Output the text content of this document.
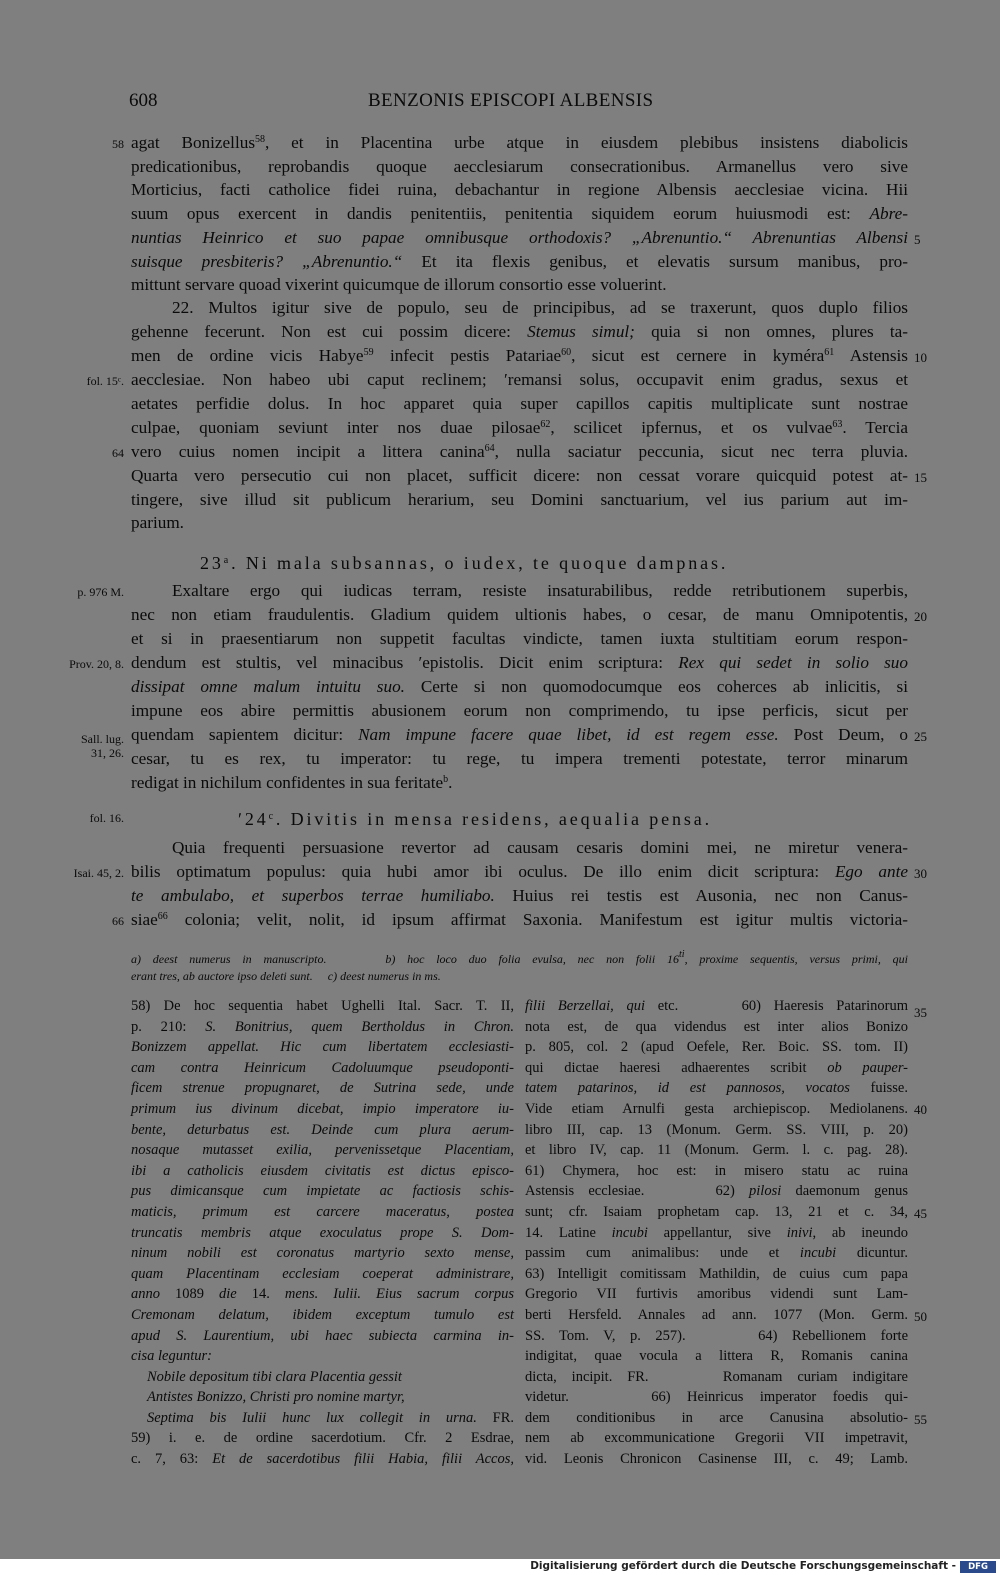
608	BENZONIS EPISCOPI ALBENSIS
agat Bonizellus$^{58}$, et in Placentina urbe atque in eiusdem plebibus insistens diabolicis
predicationibus, reprobandis quoque aecclesiarum consecrationibus. Armanellus vero sive
Morticius, facti catholice fidei ruina, debachantur in regione Albensis aecclesiae vicina. Hii
suum opus exercent in dandis penitentiis, penitentia siquidem eorum huiusmodi est: Abre-
nuntias Heinrico et suo papae omnibusque orthodoxis? „Abrenuntio.“ Abrenuntias Albensi
suisque presbiteris? „Abrenuntio.“ Et ita flexis genibus, et elevatis sursum manibus, pro-
mittunt servare quoad vixerint quicumque de illorum consortio esse voluerint.
22. Multos igitur sive de populo, seu de principibus, ad se traxerunt, quos duplo filios
gehenne fecerunt. Non est cui possim dicere: Stemus simul; quia si non omnes, plures ta-
men de ordine vicis Habye$^{59}$ infecit pestis Patariae$^{60}$, sicut est cernere in kyméra$^{61}$ Astensis
aecclesiae. Non habeo ubi caput reclinem; ʹremansi solus, occupavit enim gradus, sexus et
aetates perfidie dolus. In hoc apparet quia super capillos capitis multiplicate sunt nostrae
culpae, quoniam seviunt inter nos duae pilosae$^{62}$, scilicet ipfernus, et os vulvae$^{63}$. Tercia
vero cuius nomen incipit a littera canina$^{64}$, nulla saciatur peccunia, sicut nec terra pluvia.
Quarta vero persecutio cui non placet, sufficit dicere: non cessat vorare quicquid potest at-
tingere, sive illud sit publicum herarium, seu Domini sanctuarium, vel ius parium aut im-
parium.
23$^a$. Ni mala subsannas, o iudex, te quoque dampnas.
Exaltare ergo qui iudicas terram, resiste insaturabilibus, redde retributionem superbis,
nec non etiam fraudulentis. Gladium quidem ultionis habes, o cesar, de manu Omnipotentis,
et si in praesentiarum non suppetit facultas vindicte, tamen iuxta stultitiam eorum respon-
dendum est stultis, vel minacibus ʹepistolis. Dicit enim scriptura: Rex qui sedet in solio suo
dissipat omne malum intuitu suo. Certe si non quomodocumque eos coherces ab inlicitis, si
impune eos abire permittis abusionem eorum non comprimendo, tu ipse perficis, sicut per
quendam sapientem dicitur: Nam impune facere quae libet, id est regem esse. Post Deum, o
cesar, tu es rex, tu imperator: tu rege, tu impera trementi potestate, terror minarum
redigat in nichilum confidentes in sua feritate$^b$.
ʹ24$^c$. Divitis in mensa residens, aequalia pensa.
Quia frequenti persuasione revertor ad causam cesaris domini mei, ne miretur venera-
bilis optimatum populus: quia hubi amor ibi oculus. De illo enim dicit scriptura: Ego ante
te ambulabo, et superbos terrae humiliabo. Huius rei testis est Ausonia, nec non Canus-
siae$^{66}$ colonia; velit, nolit, id ipsum affirmat Saxonia. Manifestum est igitur multis victoria-
5
10
15
20
25
30
35
40
45
50
55
58
fol. 15ᶜ.
64
p. 976 M.
Prov. 20, 8.
Sall. lug.
31, 26.
fol. 16.
Isai. 45, 2.
66
a) deest numerus in manuscripto.     b) hoc loco duo folia evulsa, nec non folii $16^{ti}$, proxime sequentis, versus primi, qui
erant tres, ab auctore ipso deleti sunt.     c) deest numerus in ms.
58) De hoc sequentia habet Ughelli Ital. Sacr. T. II,
p. 210: S. Bonitrius, quem Bertholdus in Chron.
Bonizzem appellat. Hic cum libertatem ecclesiasti-
cam contra Heinricum Cadoluumque pseudoponti-
ficem strenue propugnaret, de Sutrina sede, unde
primum ius divinum dicebat, impio imperatore iu-
bente, deturbatus est. Deinde cum plura aerum-
nosaque mutasset exilia, pervenissetque Placentiam,
ibi a catholicis eiusdem civitatis est dictus episco-
pus dimicansque cum impietate ac factiosis schis-
maticis, primum est carcere maceratus, postea
truncatis membris atque exoculatus prope S. Dom-
ninum nobili est coronatus martyrio sexto mense,
quam Placentinam ecclesiam coeperat administrare,
anno 1089 die 14. mens. Iulii. Eius sacrum corpus
Cremonam delatum, ibidem exceptum tumulo est
apud S. Laurentium, ubi haec subiecta carmina in-
cisa leguntur:
Nobile depositum tibi clara Placentia gessit
Antistes Bonizzo, Christi pro nomine martyr,
Septima bis Iulii hunc lux collegit in urna. FR.
59) i. e. de ordine sacerdotium. Cfr. 2 Esdrae,
c. 7, 63: Et de sacerdotibus filii Habia, filii Accos,
filii Berzellai, qui etc.     60) Haeresis Patarinorum
nota est, de qua videndus est inter alios Bonizo
p. 805, col. 2 (apud Oefele, Rer. Boic. SS. tom. II)
qui dictae haeresi adhaerentes scribit ob pauper-
tatem patarinos, id est pannosos, vocatos fuisse.
Vide etiam Arnulfi gesta archiepiscop. Mediolanens.
libro III, cap. 13 (Monum. Germ. SS. VIII, p. 20)
et libro IV, cap. 11 (Monum. Germ. l. c. pag. 28).
61) Chymera, hoc est: in misero statu ac ruina
Astensis ecclesiae.     62) pilosi daemonum genus
sunt; cfr. Isaiam prophetam cap. 13, 21 et c. 34,
14. Latine incubi appellantur, sive inivi, ab ineundo
passim cum animalibus: unde et incubi dicuntur.
63) Intelligit comitissam Mathildin, de cuius cum papa
Gregorio VII furtivis amoribus videndi sunt Lam-
berti Hersfeld. Annales ad ann. 1077 (Mon. Germ.
SS. Tom. V, p. 257).     64) Rebellionem forte
indigitat, quae vocula a littera R, Romanis canina
dicta, incipit. FR.     Romanam curiam indigitare
videtur.     66) Heinricus imperator foedis qui-
dem conditionibus in arce Canusina absolutio-
nem ab excommunicatione Gregorii VII impetravit,
vid. Leonis Chronicon Casinense III, c. 49; Lamb.
Digitalisierung gefördert durch die Deutsche Forschungsgemeinschaft -	DFG
